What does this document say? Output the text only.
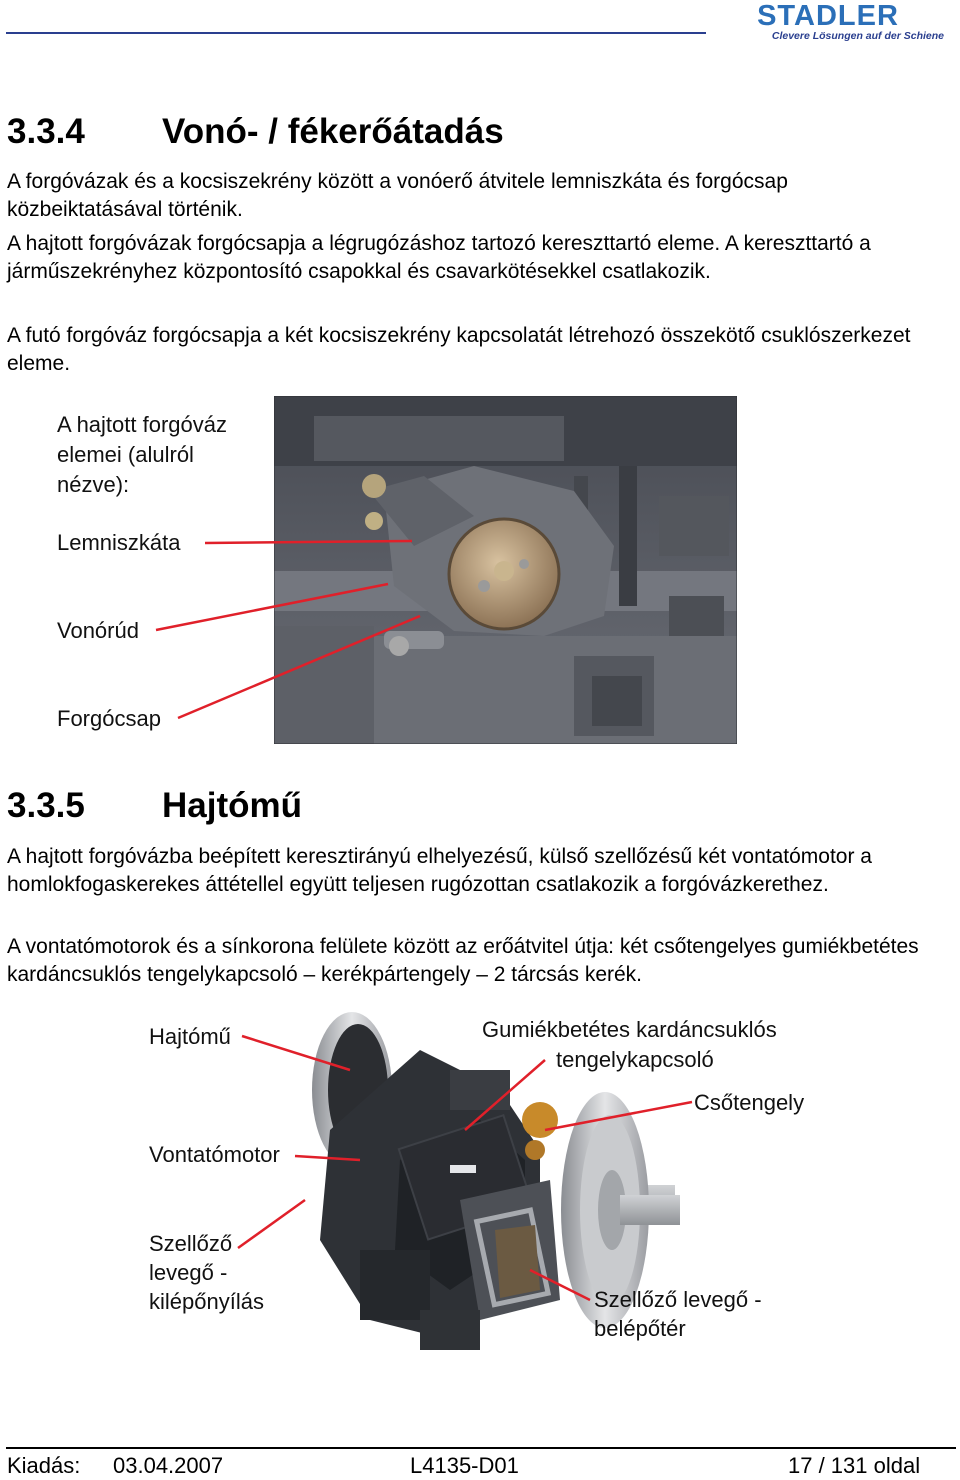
STADLER
Clevere Lösungen auf der Schiene
3.3.4 Vonó- / fékerőátadás

A forgóvázak és a kocsiszekrény között a vonóerő átvitele lemniszkáta és forgócsap közbeiktatásával történik.

A hajtott forgóvázak forgócsapja a légrugózáshoz tartozó kereszttartó eleme. A kereszttartó a járműszekrényhez központosító csapokkal és csavarkötésekkel csatlakozik.

A futó forgóváz forgócsapja a két kocsiszekrény kapcsolatát létrehozó összekötő csuklószerkezet eleme.

A hajtott forgóváz
elemei (alulról
nézve):
Lemniszkáta
Vonórúd
Forgócsap
3.3.5 Hajtómű

A hajtott forgóvázba beépített keresztirányú elhelyezésű, külső szellőzésű két vontatómotor a homlokfogaskerekes áttétellel együtt teljesen rugózottan csatlakozik a forgóvázkerethez.

A vontatómotorok és a sínkorona felülete között az erőátvitel útja: két csőtengelyes gumiékbetétes kardáncsuklós tengelykapcsoló – kerékpártengely – 2 tárcsás kerék.

Hajtómű	Gumiékbetétes kardáncsuklós
tengelykapcsoló
Csőtengely
Vontatómotor
Szellőző
levegő -
kilépőnyílás	Szellőző levegő -
belépőtér
Kiadás: 03.04.2007	L4135-D01	17 / 131 oldal
